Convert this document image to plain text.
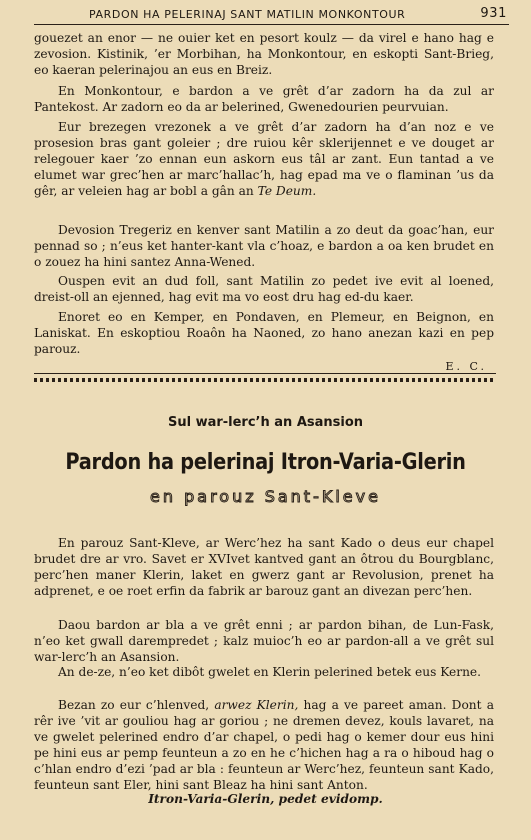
PARDON HA PELERINAJ SANT MATILIN MONKONTOUR	931

gouezet an enor — ne ouier ket en pesort koulz — da virel e hano hag e zevosion. Kistinik, ’er Morbihan, ha Monkontour, en eskopti Sant-Brieg, eo kaeran pelerinajou an eus en Breiz.

En Monkontour, e bardon a ve grêt d’ar zadorn ha da zul ar Pantekost. Ar zadorn eo da ar belerined, Gwenedourien peurvuian.

Eur brezegen vrezonek a ve grêt d’ar zadorn ha d’an noz e ve prosesion bras gant goleier ; dre ruiou kêr sklerijennet e ve douget ar relegouer kaer ’zo ennan eun askorn eus tâl ar zant. Eun tantad a ve elumet war grec’hen ar marc’hallac’h, hag epad ma ve o flaminan ’us da gêr, ar veleien hag ar bobl a gân an Te Deum.

Devosion Tregeriz en kenver sant Matilin a zo deut da goac’han, eur pennad so ; n’eus ket hanter-kant vla c’hoaz, e bardon a oa ken brudet en o zouez ha hini santez Anna-Wened.

Ouspen evit an dud foll, sant Matilin zo pedet ive evit al loened, dreist-oll an ejenned, hag evit ma vo eost dru hag ed-du kaer.

Enoret eo en Kemper, en Pondaven, en Plemeur, en Beignon, en Laniskat. En eskoptiou Roaôn ha Naoned, zo hano anezan kazi en pep parouz.

E. C.
Sul war-lerc’h an Asansion
Pardon ha pelerinaj Itron-Varia-Glerin
en parouz Sant-Kleve

En parouz Sant-Kleve, ar Werc’hez ha sant Kado o deus eur chapel brudet dre ar vro. Savet er XVIvet kantved gant an ôtrou du Bourgblanc, perc’hen maner Klerin, laket en gwerz gant ar Revolusion, prenet ha adprenet, e oe roet erfin da fabrik ar barouz gant an divezan perc’hen.

Daou bardon ar bla a ve grêt enni ; ar pardon bihan, de Lun-Fask, n’eo ket gwall darempredet ; kalz muioc’h eo ar pardon-all a ve grêt sul war-lerc’h an Asansion.

An de-ze, n’eo ket dibôt gwelet en Klerin pelerined betek eus Kerne.

Bezan zo eur c’hlenved, arwez Klerin, hag a ve pareet aman. Dont a rêr ive ’vit ar gouliou hag ar goriou ; ne dremen devez, kouls lavaret, na ve gwelet pelerined endro d’ar chapel, o pedi hag o kemer dour eus hini pe hini eus ar pemp feunteun a zo en he c’hichen hag a ra o hiboud hag o c’hlan endro d’ezi ’pad ar bla : feunteun ar Werc’hez, feunteun sant Kado, feunteun sant Eler, hini sant Bleaz ha hini sant Anton.

Itron-Varia-Glerin, pedet evidomp.
